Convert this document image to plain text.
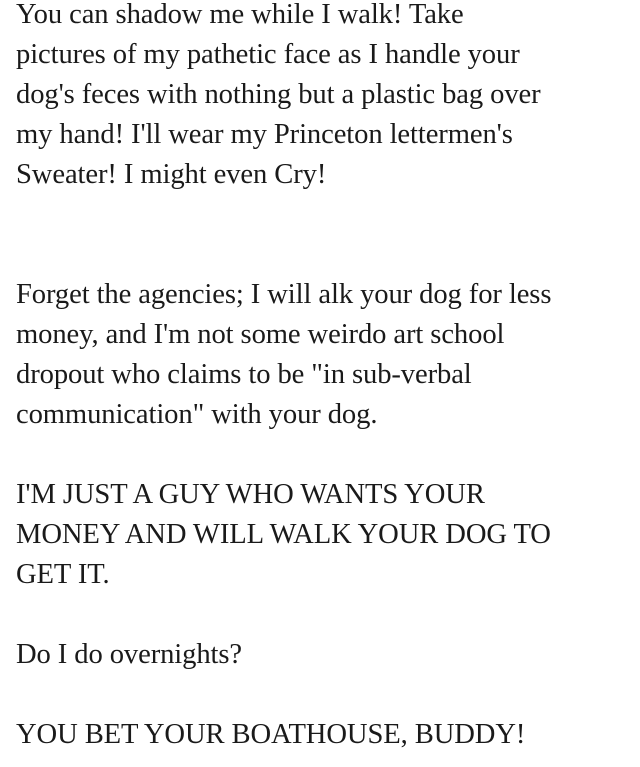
You can shadow me while I walk! Take
pictures of my pathetic face as I handle your
dog's feces with nothing but a plastic bag over
my hand! I'll wear my Princeton lettermen's
Sweater! I might even Cry!

Forget the agencies; I will alk your dog for less
money, and I'm not some weirdo art school
dropout who claims to be "in sub-verbal
communication" with your dog.

I'M JUST A GUY WHO WANTS YOUR
MONEY AND WILL WALK YOUR DOG TO
GET IT.

Do I do overnights?

YOU BET YOUR BOATHOUSE, BUDDY!
